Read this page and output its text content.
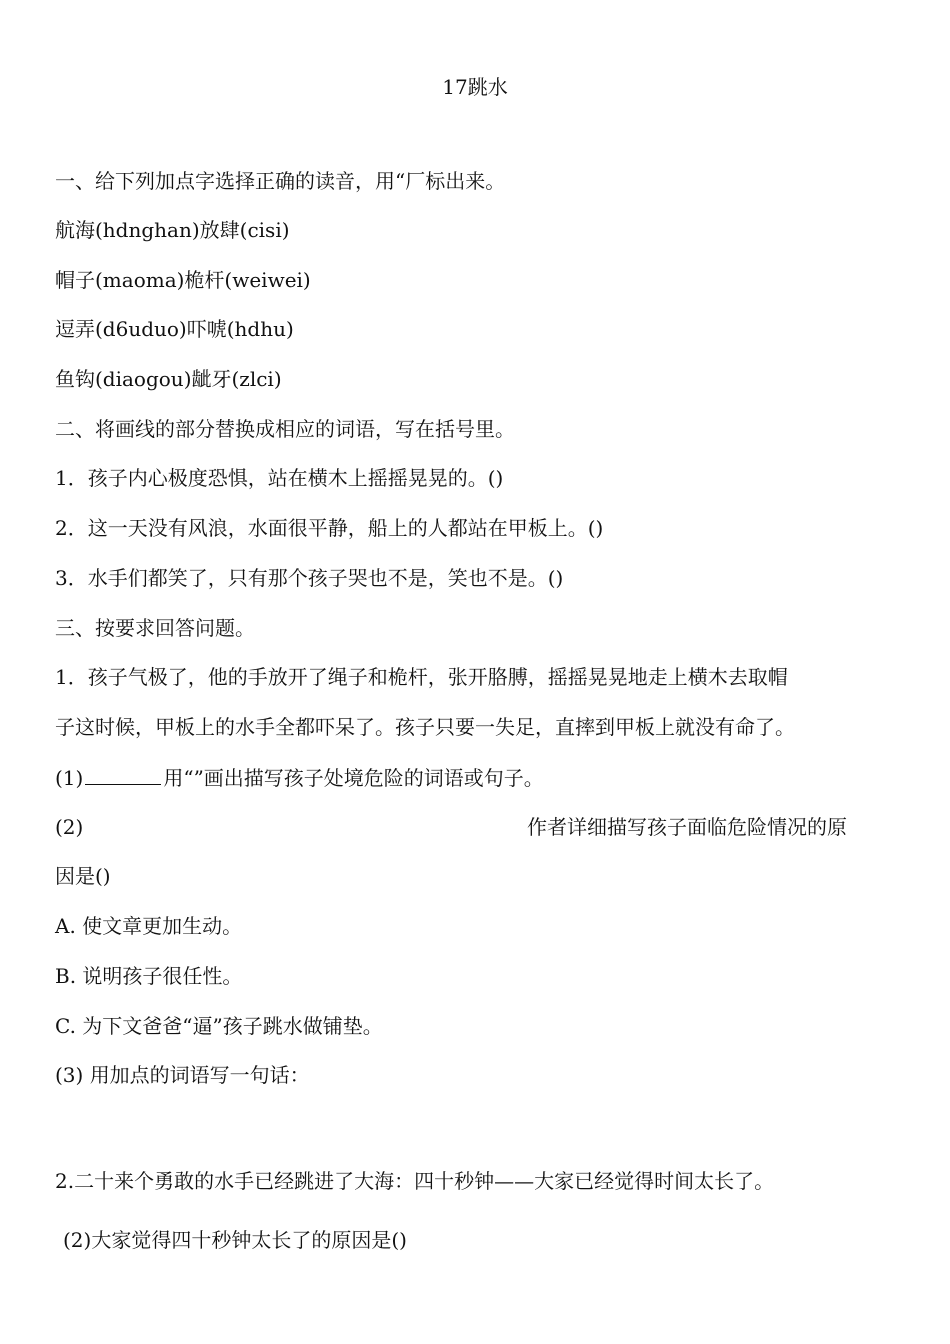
17跳水
一、给下列加点字选择正确的读音，用“厂标出来。
航海(hdnghan)放肆(cisi)
帽子(maoma)桅杆(weiwei)
逗弄(d6uduo)吓唬(hdhu)
鱼钩(diaogou)龇牙(zlci)
二、将画线的部分替换成相应的词语，写在括号里。
1．孩子内心极度恐惧，站在横木上摇摇晃晃的。()
2．这一天没有风浪，水面很平静，船上的人都站在甲板上。()
3．水手们都笑了，只有那个孩子哭也不是，笑也不是。()
三、按要求回答问题。
1．孩子气极了，他的手放开了绳子和桅杆，张开胳膊，摇摇晃晃地走上横木去取帽
子这时候，甲板上的水手全都吓呆了。孩子只要一失足，直摔到甲板上就没有命了。
(1)	用“”画出描写孩子处境危险的词语或句子。
(2)	作者详细描写孩子面临危险情况的原
因是()
A. 使文章更加生动。
B. 说明孩子很任性。
C. 为下文爸爸“逼”孩子跳水做铺垫。
(3) 用加点的词语写一句话：
2.二十来个勇敢的水手已经跳进了大海：四十秒钟——大家已经觉得时间太长了。
(2)大家觉得四十秒钟太长了的原因是()
